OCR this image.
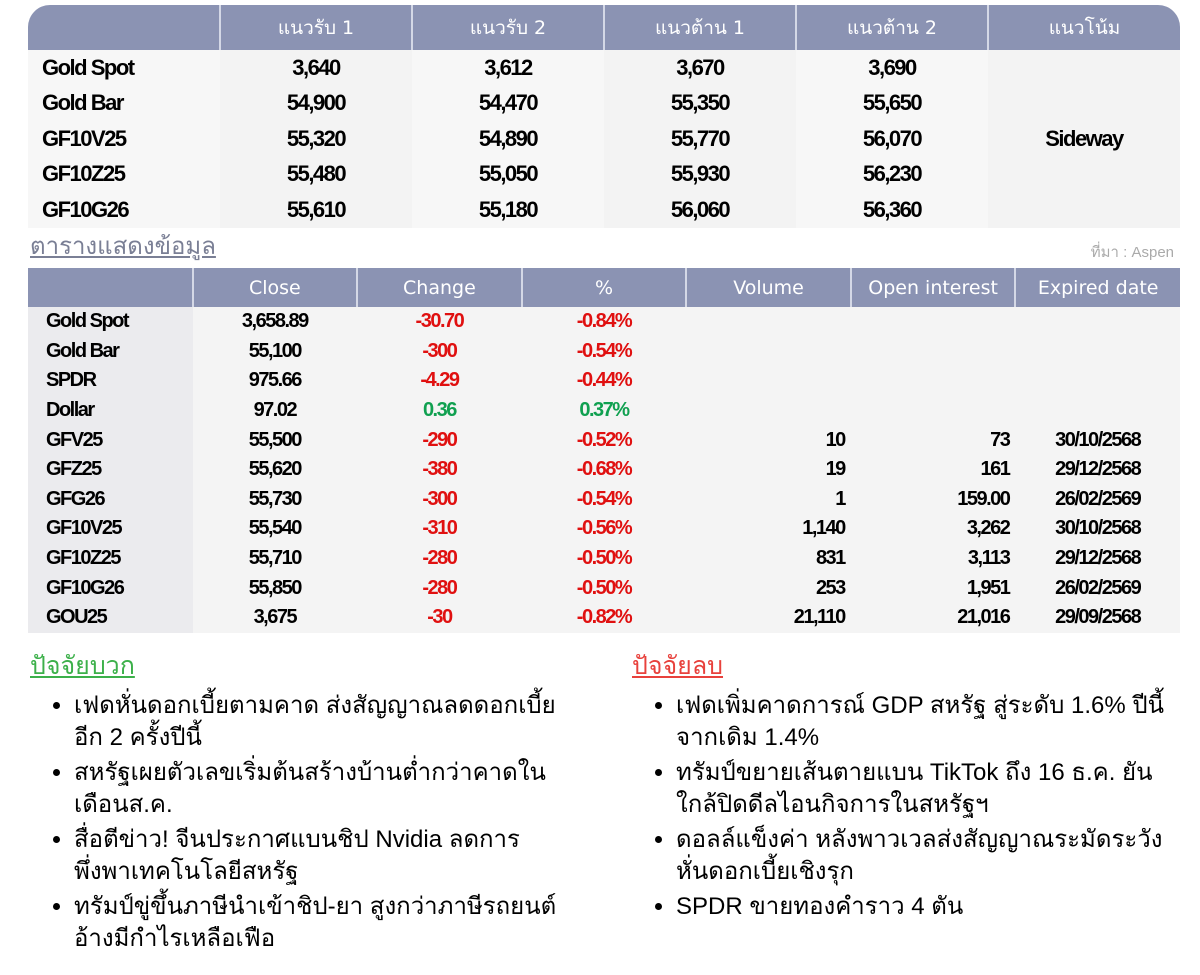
	แนวรับ 1	แนวรับ 2	แนวต้าน 1	แนวต้าน 2	แนวโน้ม
Gold Spot	3,640	3,612	3,670	3,690	Sideway
Gold Bar	54,900	54,470	55,350	55,650	
GF10V25	55,320	54,890	55,770	56,070	
GF10Z25	55,480	55,050	55,930	56,230	
GF10G26	55,610	55,180	56,060	56,360	
ตารางแสดงข้อมูล	ที่มา : Aspen
	Close	Change	%	Volume	Open interest	Expired date
Gold Spot	3,658.89	-30.70	-0.84%			
Gold Bar	55,100	-300	-0.54%			
SPDR	975.66	-4.29	-0.44%			
Dollar	97.02	0.36	0.37%			
GFV25	55,500	-290	-0.52%	10	73	30/10/2568
GFZ25	55,620	-380	-0.68%	19	161	29/12/2568
GFG26	55,730	-300	-0.54%	1	159.00	26/02/2569
GF10V25	55,540	-310	-0.56%	1,140	3,262	30/10/2568
GF10Z25	55,710	-280	-0.50%	831	3,113	29/12/2568
GF10G26	55,850	-280	-0.50%	253	1,951	26/02/2569
GOU25	3,675	-30	-0.82%	21,110	21,016	29/09/2568
ปัจจัยบวก
• เฟดหั่นดอกเบี้ยตามคาด ส่งสัญญาณลดดอกเบี้ยอีก 2 ครั้งปีนี้
• สหรัฐเผยตัวเลขเริ่มต้นสร้างบ้านต่ำกว่าคาดในเดือนส.ค.
• สื่อตีข่าว! จีนประกาศแบนชิป Nvidia ลดการพึ่งพาเทคโนโลยีสหรัฐ
• ทรัมป์ขู่ขึ้นภาษีนำเข้าชิป-ยา สูงกว่าภาษีรถยนต์ อ้างมีกำไรเหลือเฟือ
ปัจจัยลบ
• เฟดเพิ่มคาดการณ์ GDP สหรัฐ สู่ระดับ 1.6% ปีนี้ จากเดิม 1.4%
• ทรัมป์ขยายเส้นตายแบน TikTok ถึง 16 ธ.ค. ยันใกล้ปิดดีลไอนกิจการในสหรัฐฯ
• ดอลล์แข็งค่า หลังพาวเวลส่งสัญญาณระมัดระวังหั่นดอกเบี้ยเชิงรุก
• SPDR ขายทองคำราว 4 ตัน
